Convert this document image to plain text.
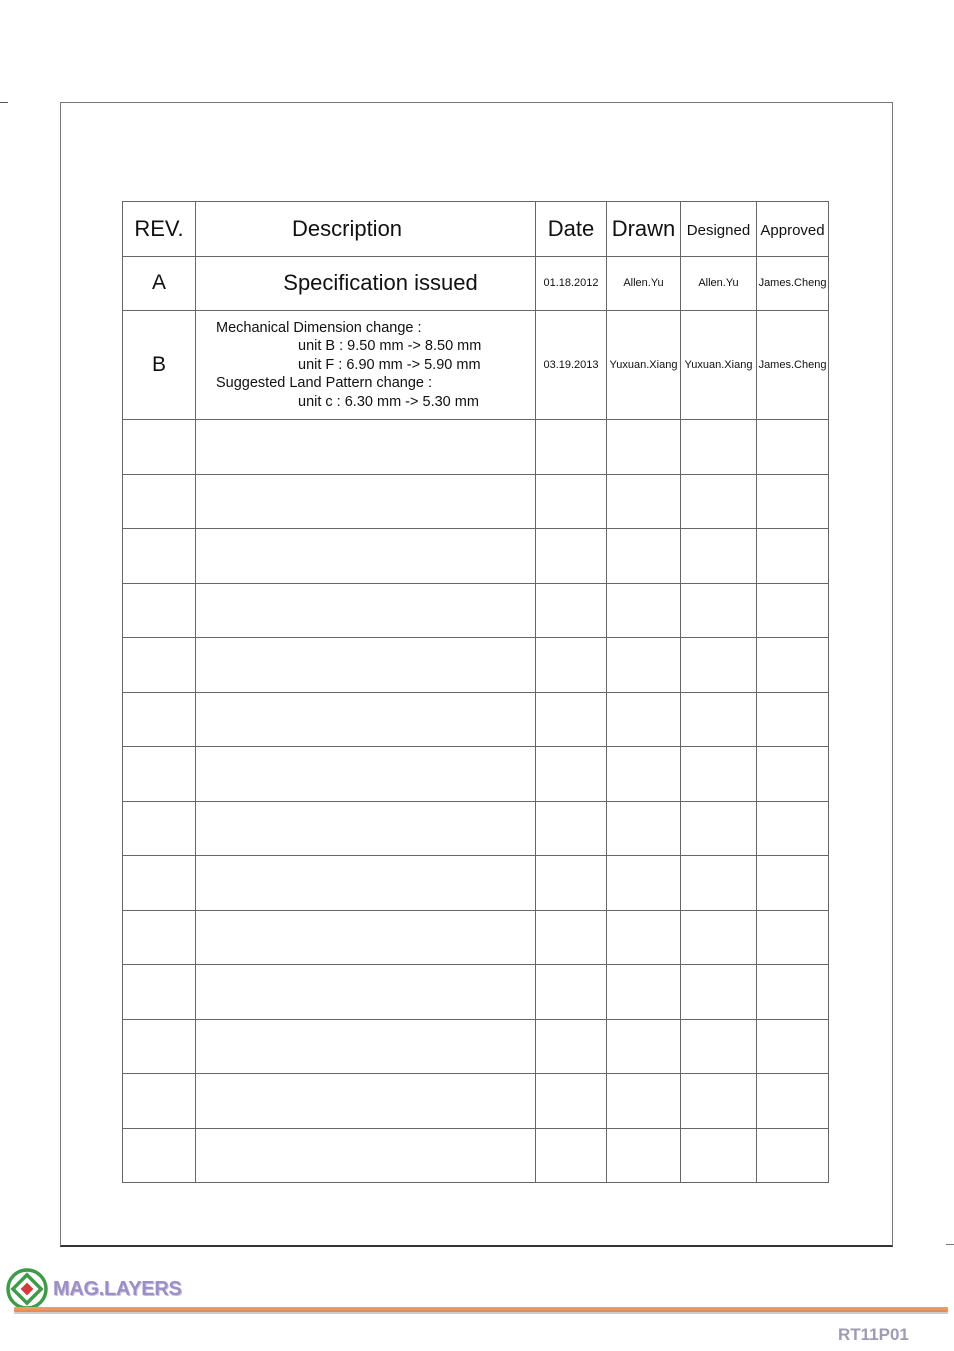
REV.	Description	Date	Drawn	Designed	Approved
A	Specification issued	01.18.2012	Allen.Yu	Allen.Yu	James.Cheng
B	Mechanical Dimension change :
unit B : 9.50 mm -> 8.50 mm
unit F : 6.90 mm -> 5.90 mm
Suggested Land Pattern change :
unit c : 6.30 mm -> 5.30 mm	03.19.2013	Yuxuan.Xiang	Yuxuan.Xiang	James.Cheng

MAG.LAYERS
RT11P01
